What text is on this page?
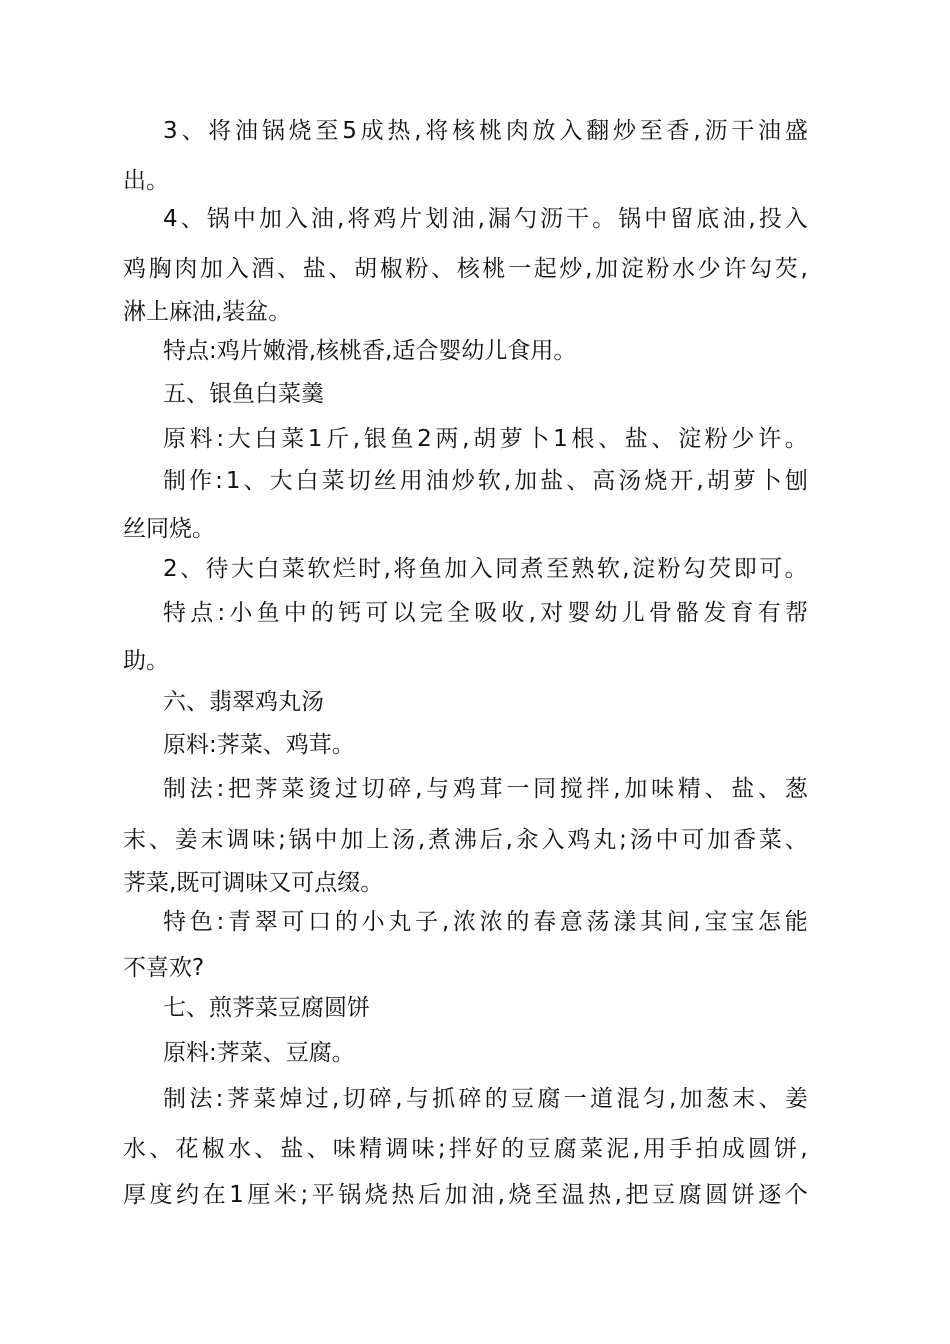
3 、 将 油 锅 烧 至 5 成 热 , 将 核 桃 肉 放 入 翻 炒 至 香 , 沥 干 油 盛
出。
4 、 锅 中 加 入 油 , 将 鸡 片 划 油 , 漏 勺 沥 干 。 锅 中 留 底 油 , 投 入
鸡 胸 肉 加 入 酒 、 盐 、 胡 椒 粉 、 核 桃 一 起 炒 , 加 淀 粉 水 少 许 勾 芡 ,
淋上麻油,装盆。
特点:鸡片嫩滑,核桃香,适合婴幼儿食用。
五、银鱼白菜羹
原 料 : 大 白 菜 1 斤 , 银 鱼 2 两 , 胡 萝 卜 1 根 、 盐 、 淀 粉 少 许 。
制 作 : 1 、 大 白 菜 切 丝 用 油 炒 软 , 加 盐 、 高 汤 烧 开 , 胡 萝 卜 刨
丝同烧。
2 、 待 大 白 菜 软 烂 时 , 将 鱼 加 入 同 煮 至 熟 软 , 淀 粉 勾 芡 即 可 。
特 点 : 小 鱼 中 的 钙 可 以 完 全 吸 收 , 对 婴 幼 儿 骨 骼 发 育 有 帮
助。
六、翡翠鸡丸汤
原料:荠菜、鸡茸。
制 法 : 把 荠 菜 烫 过 切 碎 , 与 鸡 茸 一 同 搅 拌 , 加 味 精 、 盐 、 葱
末 、 姜 末 调 味 ; 锅 中 加 上 汤 , 煮 沸 后 , 汆 入 鸡 丸 ; 汤 中 可 加 香 菜 、
荠菜,既可调味又可点缀。
特 色 : 青 翠 可 口 的 小 丸 子 , 浓 浓 的 春 意 荡 漾 其 间 , 宝 宝 怎 能
不喜欢?
七、煎荠菜豆腐圆饼
原料:荠菜、豆腐。
制 法 : 荠 菜 焯 过 , 切 碎 , 与 抓 碎 的 豆 腐 一 道 混 匀 , 加 葱 末 、 姜
水 、 花 椒 水 、 盐 、 味 精 调 味 ; 拌 好 的 豆 腐 菜 泥 , 用 手 拍 成 圆 饼 ,
厚 度 约 在 1 厘 米 ; 平 锅 烧 热 后 加 油 , 烧 至 温 热 , 把 豆 腐 圆 饼 逐 个
